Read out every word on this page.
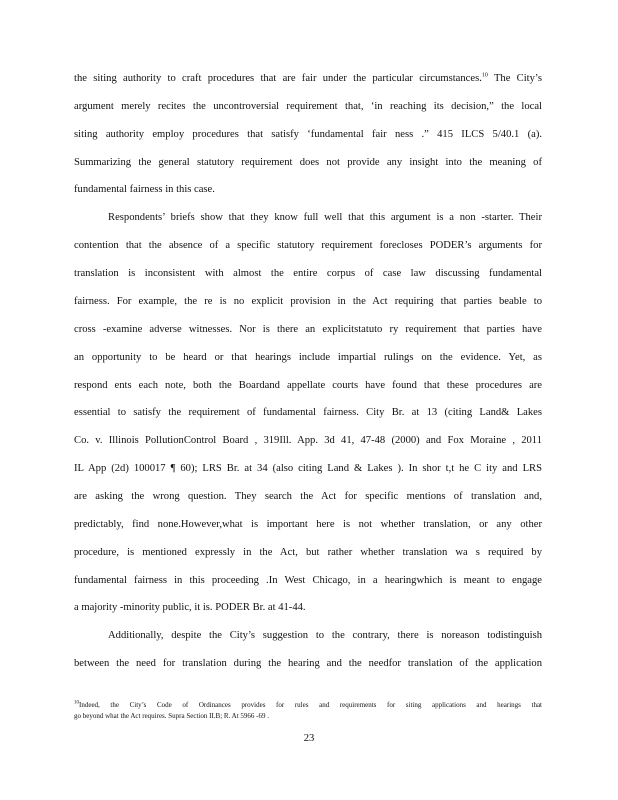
the siting authority to craft procedures that are fair under the particular circumstances.$^{10}$ The City’s
argument merely recites the uncontroversial requirement that, ‘in reaching its decision,” the local
siting authority employ procedures that satisfy ‘fundamental fair ness .” 415 ILCS 5/40.1 (a).
Summarizing the general statutory requirement does not provide any insight into the meaning of
fundamental fairness in this case.
Respondents’ briefs show that they know full well that this argument is a non -starter. Their
contention that the absence of a specific statutory requirement forecloses PODER’s arguments for
translation is inconsistent with almost the entire corpus of case law discussing fundamental
fairness. For example, the re is no explicit provision in the Act requiring that parties beable to
cross -examine adverse witnesses. Nor is there an explicitstatuto ry requirement that parties have
an opportunity to be heard or that hearings include impartial rulings on the evidence. Yet, as
respond ents each note, both the Boardand appellate courts have found that these procedures are
essential to satisfy the requirement of fundamental fairness. City Br. at 13 (citing Land& Lakes
Co. v. Illinois PollutionControl Board , 319Ill. App. 3d 41, 47-48 (2000) and Fox Moraine , 2011
IL App (2d) 100017 ¶ 60); LRS Br. at 34 (also citing Land & Lakes ). In shor t,t he C ity and LRS
are asking the wrong question. They search the Act for specific mentions of translation and,
predictably, find none.However,what is important here is not whether translation, or any other
procedure, is mentioned expressly in the Act, but rather whether translation wa s required by
fundamental fairness in this proceeding .In West Chicago, in a hearingwhich is meant to engage
a majority -minority public, it is. PODER Br. at 41-44.
Additionally, despite the City’s suggestion to the contrary, there is noreason todistinguish
between the need for translation during the hearing and the needfor translation of the application
$^{10}$Indeed, the City’s Code of Ordinances provides for rules and requirements for siting applications and hearings that
go beyond what the Act requires. Supra Section II.B; R. At 5966 -69 .
23
